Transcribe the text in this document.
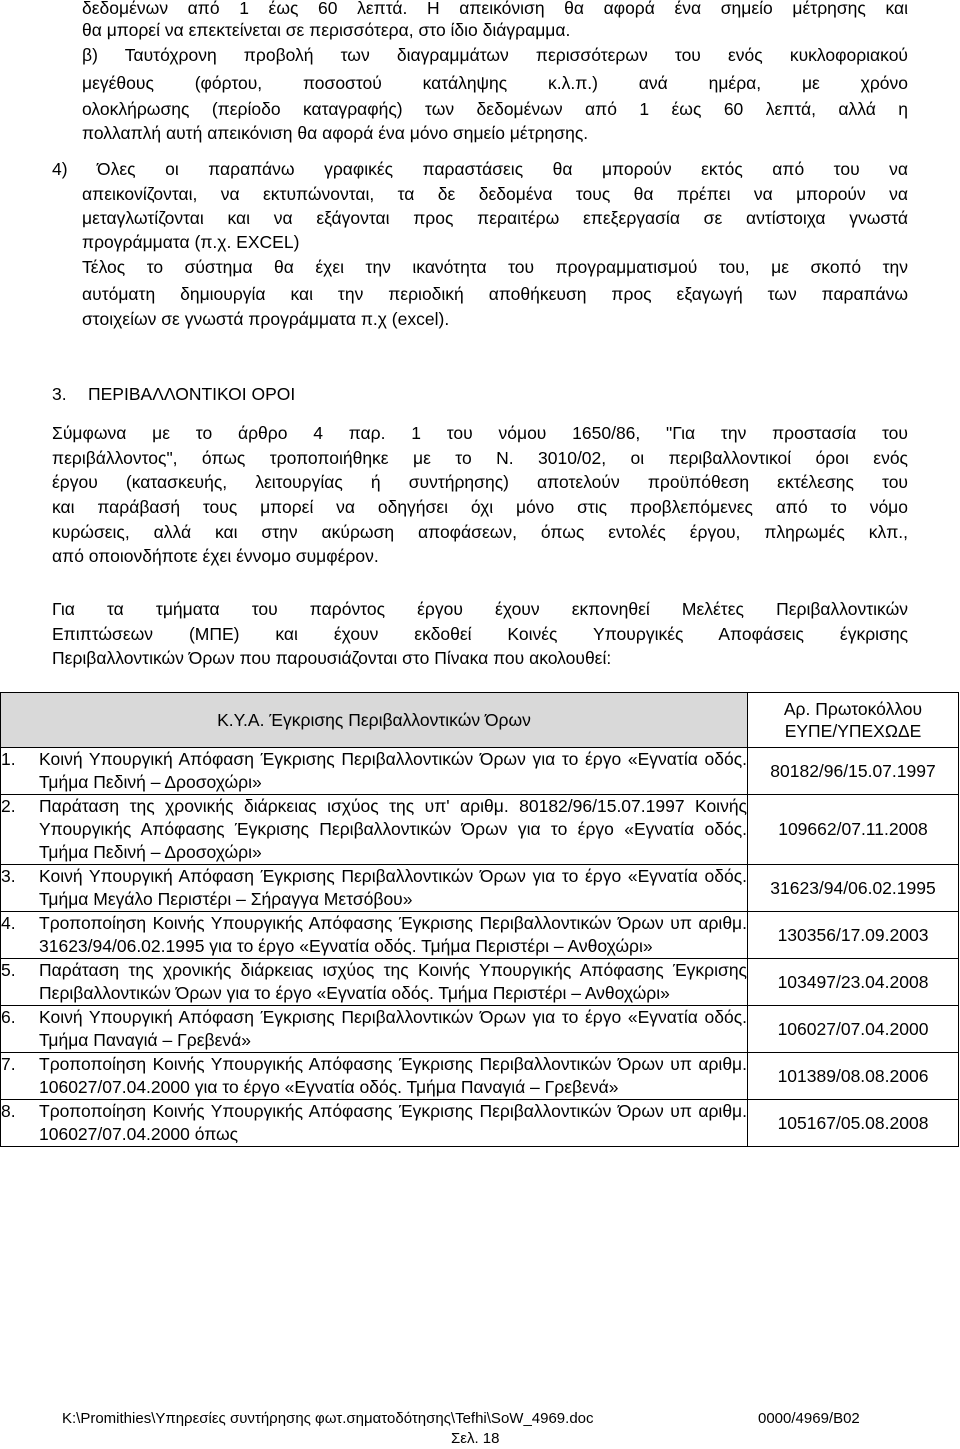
δεδομένων από 1 έως 60 λεπτά. Η απεικόνιση θα αφορά ένα σημείο μέτρησης και
θα μπορεί να επεκτείνεται σε περισσότερα, στο ίδιο διάγραμμα.
β) Ταυτόχρονη προβολή των διαγραμμάτων περισσότερων του ενός κυκλοφοριακού
μεγέθους (φόρτου, ποσοστού κατάληψης κ.λ.π.) ανά ημέρα, με χρόνο
ολοκλήρωσης (περίοδο καταγραφής) των δεδομένων από 1 έως 60 λεπτά, αλλά η
πολλαπλή αυτή απεικόνιση θα αφορά ένα μόνο σημείο μέτρησης.
4) Όλες οι παραπάνω γραφικές παραστάσεις θα μπορούν εκτός από του να
απεικονίζονται, να εκτυπώνονται, τα δε δεδομένα τους θα πρέπει να μπορούν να
μεταγλωτίζονται και να εξάγονται προς περαιτέρω επεξεργασία σε αντίστοιχα γνωστά
προγράμματα (π.χ. EXCEL)
Τέλος το σύστημα θα έχει την ικανότητα του προγραμματισμού του, με σκοπό την
αυτόματη δημιουργία και την περιοδική αποθήκευση προς εξαγωγή των παραπάνω
στοιχείων σε γνωστά προγράμματα π.χ (excel).
3. ΠΕΡΙΒΑΛΛΟΝΤΙΚΟΙ ΟΡΟΙ
Σύμφωνα με το άρθρο 4 παρ. 1 του νόμου 1650/86, "Για την προστασία του
περιβάλλοντος", όπως τροποποιήθηκε με το Ν. 3010/02, οι περιβαλλοντικοί όροι ενός
έργου (κατασκευής, λειτουργίας ή συντήρησης) αποτελούν προϋπόθεση εκτέλεσης του
και παράβασή τους μπορεί να οδηγήσει όχι μόνο στις προβλεπόμενες από το νόμο
κυρώσεις, αλλά και στην ακύρωση αποφάσεων, όπως εντολές έργου, πληρωμές κλπ.,
από οποιονδήποτε έχει έννομο συμφέρον.
Για τα τμήματα του παρόντος έργου έχουν εκπονηθεί Μελέτες Περιβαλλοντικών
Επιπτώσεων (ΜΠΕ) και έχουν εκδοθεί Κοινές Υπουργικές Αποφάσεις έγκρισης
Περιβαλλοντικών Όρων που παρουσιάζονται στο Πίνακα που ακολουθεί:
Κ.Υ.Α. Έγκρισης Περιβαλλοντικών Όρων	Αρ. Πρωτοκόλλου
ΕΥΠΕ/ΥΠΕΧΩΔΕ

1. Κοινή Υπουργική Απόφαση Έγκρισης Περιβαλλοντικών Όρων για το έργο «Εγνατία οδός. Τμήμα Πεδινή – Δροσοχώρι»	80182/96/15.07.1997

2. Παράταση της χρονικής διάρκειας ισχύος της υπ' αριθμ. 80182/96/15.07.1997 Κοινής Υπουργικής Απόφασης Έγκρισης Περιβαλλοντικών Όρων για το έργο «Εγνατία οδός. Τμήμα Πεδινή – Δροσοχώρι»	109662/07.11.2008

3. Κοινή Υπουργική Απόφαση Έγκρισης Περιβαλλοντικών Όρων για το έργο «Εγνατία οδός. Τμήμα Μεγάλο Περιστέρι – Σήραγγα Μετσόβου»	31623/94/06.02.1995

4. Τροποποίηση Κοινής Υπουργικής Απόφασης Έγκρισης Περιβαλλοντικών Όρων υπ αριθμ. 31623/94/06.02.1995 για το έργο «Εγνατία οδός. Τμήμα Περιστέρι – Ανθοχώρι»	130356/17.09.2003

5. Παράταση της χρονικής διάρκειας ισχύος της Κοινής Υπουργικής Απόφασης Έγκρισης Περιβαλλοντικών Όρων για το έργο «Εγνατία οδός. Τμήμα Περιστέρι – Ανθοχώρι»	103497/23.04.2008

6. Κοινή Υπουργική Απόφαση Έγκρισης Περιβαλλοντικών Όρων για το έργο «Εγνατία οδός. Τμήμα Παναγιά – Γρεβενά»	106027/07.04.2000

7. Τροποποίηση Κοινής Υπουργικής Απόφασης Έγκρισης Περιβαλλοντικών Όρων υπ αριθμ. 106027/07.04.2000 για το έργο «Εγνατία οδός. Τμήμα Παναγιά – Γρεβενά»	101389/08.08.2006

8. Τροποποίηση Κοινής Υπουργικής Απόφασης Έγκρισης Περιβαλλοντικών Όρων υπ αριθμ. 106027/07.04.2000 όπως	105167/05.08.2008
K:\Promithies\Υπηρεσίες συντήρησης φωτ.σηματοδότησης\Tefhi\SoW_4969.doc	0000/4969/Β02
Σελ. 18
